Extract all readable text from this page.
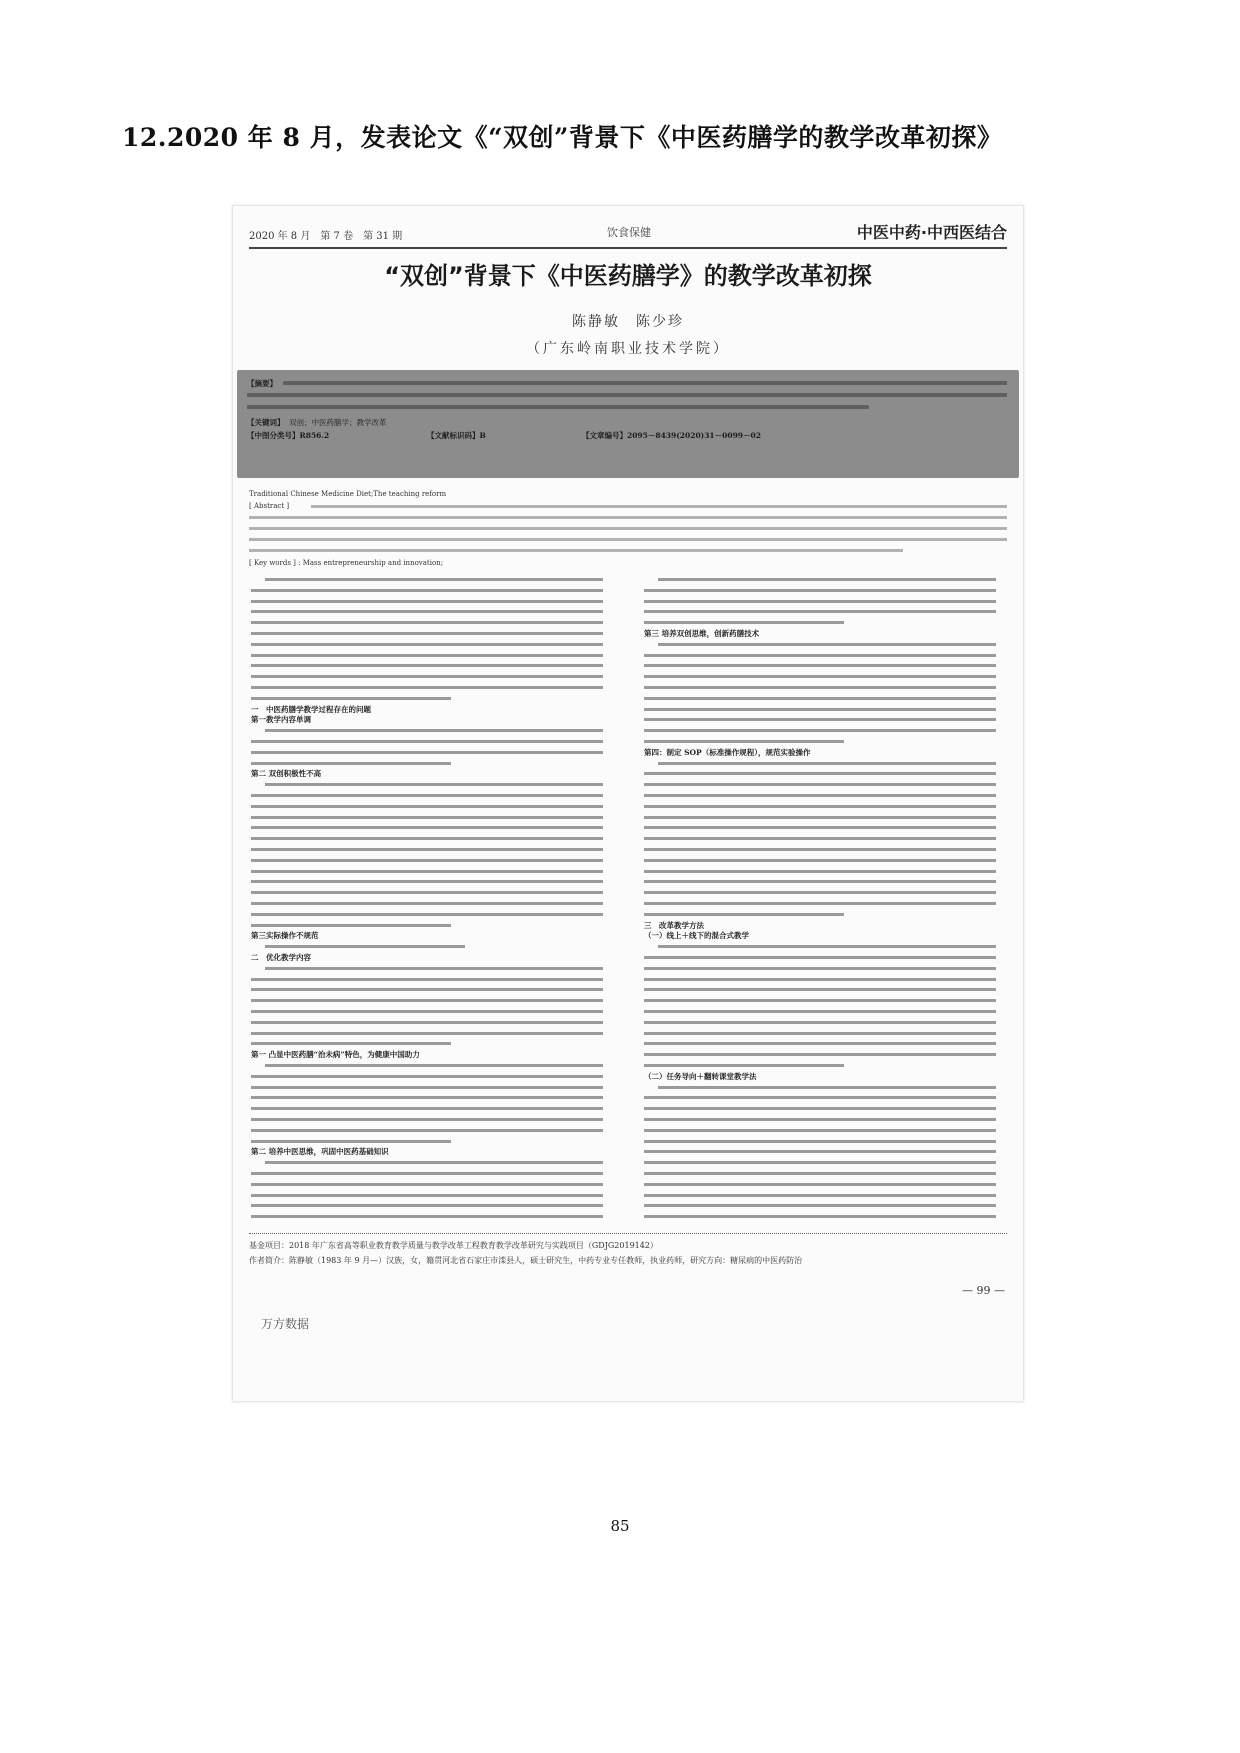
12.2020 年 8 月，发表论文《“双创”背景下《中医药膳学的教学改革初探》
2020 年 8 月　第 7 卷　第 31 期	饮食保健	中医中药·中西医结合
“双创”背景下《中医药膳学》的教学改革初探
陈静敏　陈少珍
（广东岭南职业技术学院）
【摘要】
【关键词】 双创；中医药膳学；教学改革
【中图分类号】R856.2	【文献标识码】B	【文章编号】2095－8439(2020)31－0099－02
Traditional Chinese Medicine Diet;The teaching reform
[ Abstract ]
[ Key words ] : Mass entrepreneurship and innovation;
一　中医药膳学教学过程存在的问题
第一教学内容单调
第二 双创积极性不高
第三实际操作不规范
二　优化教学内容
第一 凸显中医药膳“治未病”特色，为健康中国助力
第二 培养中医思维，巩固中医药基础知识
第三 培养双创思维，创新药膳技术
第四：制定 SOP（标准操作规程），规范实验操作
三　改革教学方法
（一）线上＋线下的混合式教学
（二）任务导向＋翻转课堂教学法
基金项目：2018 年广东省高等职业教育教学质量与教学改革工程教育教学改革研究与实践项目（GDJG2019142）
作者简介：陈静敏（1983 年 9 月—）汉族，女，籍贯河北省石家庄市滦县人，硕士研究生，中药专业专任教师，执业药师，研究方向：糖尿病的中医药防治
— 99 —
万方数据
85
